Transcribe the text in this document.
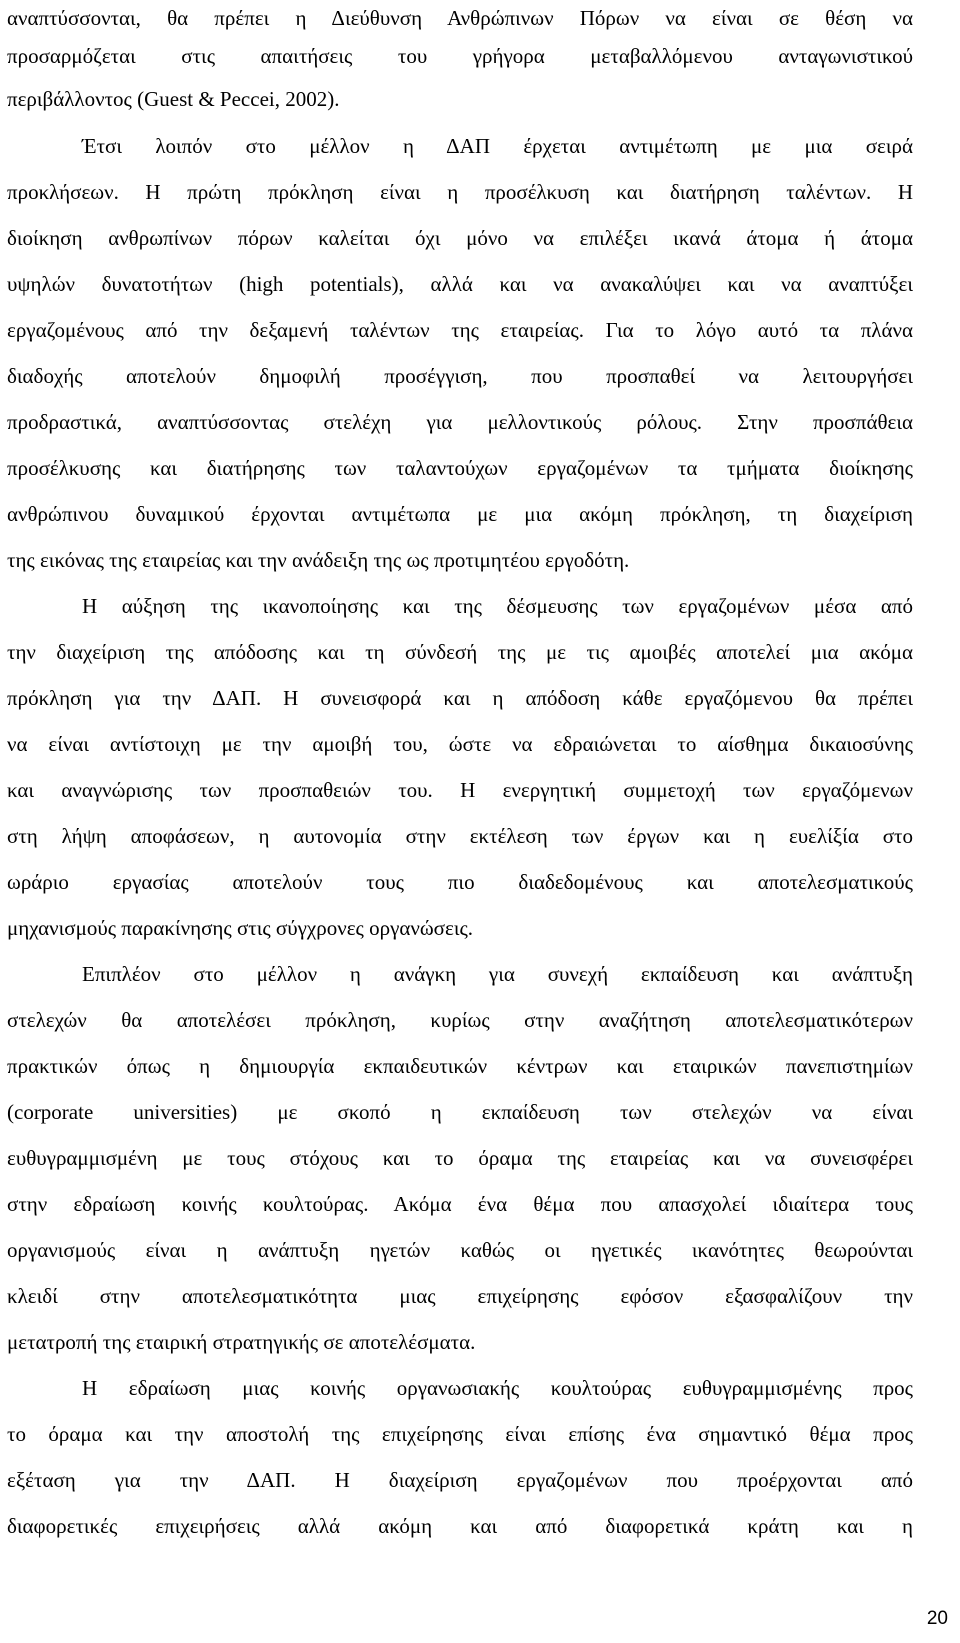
αναπτύσσονται, θα πρέπει η Διεύθυνση Ανθρώπινων Πόρων να είναι σε θέση να
προσαρμόζεται στις απαιτήσεις του γρήγορα μεταβαλλόμενου ανταγωνιστικού
περιβάλλοντος (Guest & Peccei, 2002).
Έτσι λοιπόν στο μέλλον η ΔΑΠ έρχεται αντιμέτωπη με μια σειρά
προκλήσεων. Η πρώτη πρόκληση είναι η προσέλκυση και διατήρηση ταλέντων. Η
διοίκηση ανθρωπίνων πόρων καλείται όχι μόνο να επιλέξει ικανά άτομα ή άτομα
υψηλών δυνατοτήτων (high potentials), αλλά και να ανακαλύψει και να αναπτύξει
εργαζομένους από την δεξαμενή ταλέντων της εταιρείας. Για το λόγο αυτό τα πλάνα
διαδοχής αποτελούν δημοφιλή προσέγγιση, που προσπαθεί να λειτουργήσει
προδραστικά, αναπτύσσοντας στελέχη για μελλοντικούς ρόλους. Στην προσπάθεια
προσέλκυσης και διατήρησης των ταλαντούχων εργαζομένων τα τμήματα διοίκησης
ανθρώπινου δυναμικού έρχονται αντιμέτωπα με μια ακόμη πρόκληση, τη διαχείριση
της εικόνας της εταιρείας και την ανάδειξη της ως προτιμητέου εργοδότη.
Η αύξηση της ικανοποίησης και της δέσμευσης των εργαζομένων μέσα από
την διαχείριση της απόδοσης και τη σύνδεσή της με τις αμοιβές αποτελεί μια ακόμα
πρόκληση για την ΔΑΠ. Η συνεισφορά και η απόδοση κάθε εργαζόμενου θα πρέπει
να είναι αντίστοιχη με την αμοιβή του, ώστε να εδραιώνεται το αίσθημα δικαιοσύνης
και αναγνώρισης των προσπαθειών του. Η ενεργητική συμμετοχή των εργαζόμενων
στη λήψη αποφάσεων, η αυτονομία στην εκτέλεση των έργων και η ευελίξία στο
ωράριο εργασίας αποτελούν τους πιο διαδεδομένους και αποτελεσματικούς
μηχανισμούς παρακίνησης στις σύγχρονες οργανώσεις.
Επιπλέον στο μέλλον η ανάγκη για συνεχή εκπαίδευση και ανάπτυξη
στελεχών θα αποτελέσει πρόκληση, κυρίως στην αναζήτηση αποτελεσματικότερων
πρακτικών όπως η δημιουργία εκπαιδευτικών κέντρων και εταιρικών πανεπιστημίων
(corporate universities) με σκοπό η εκπαίδευση των στελεχών να είναι
ευθυγραμμισμένη με τους στόχους και το όραμα της εταιρείας και να συνεισφέρει
στην εδραίωση κοινής κουλτούρας. Ακόμα ένα θέμα που απασχολεί ιδιαίτερα τους
οργανισμούς είναι η ανάπτυξη ηγετών καθώς οι ηγετικές ικανότητες θεωρούνται
κλειδί στην αποτελεσματικότητα μιας επιχείρησης εφόσον εξασφαλίζουν την
μετατροπή της εταιρική στρατηγικής σε αποτελέσματα.
Η εδραίωση μιας κοινής οργανωσιακής κουλτούρας ευθυγραμμισμένης προς
το όραμα και την αποστολή της επιχείρησης είναι επίσης ένα σημαντικό θέμα προς
εξέταση για την ΔΑΠ. Η διαχείριση εργαζομένων που προέρχονται από
διαφορετικές επιχειρήσεις αλλά ακόμη και από διαφορετικά κράτη και η
20
